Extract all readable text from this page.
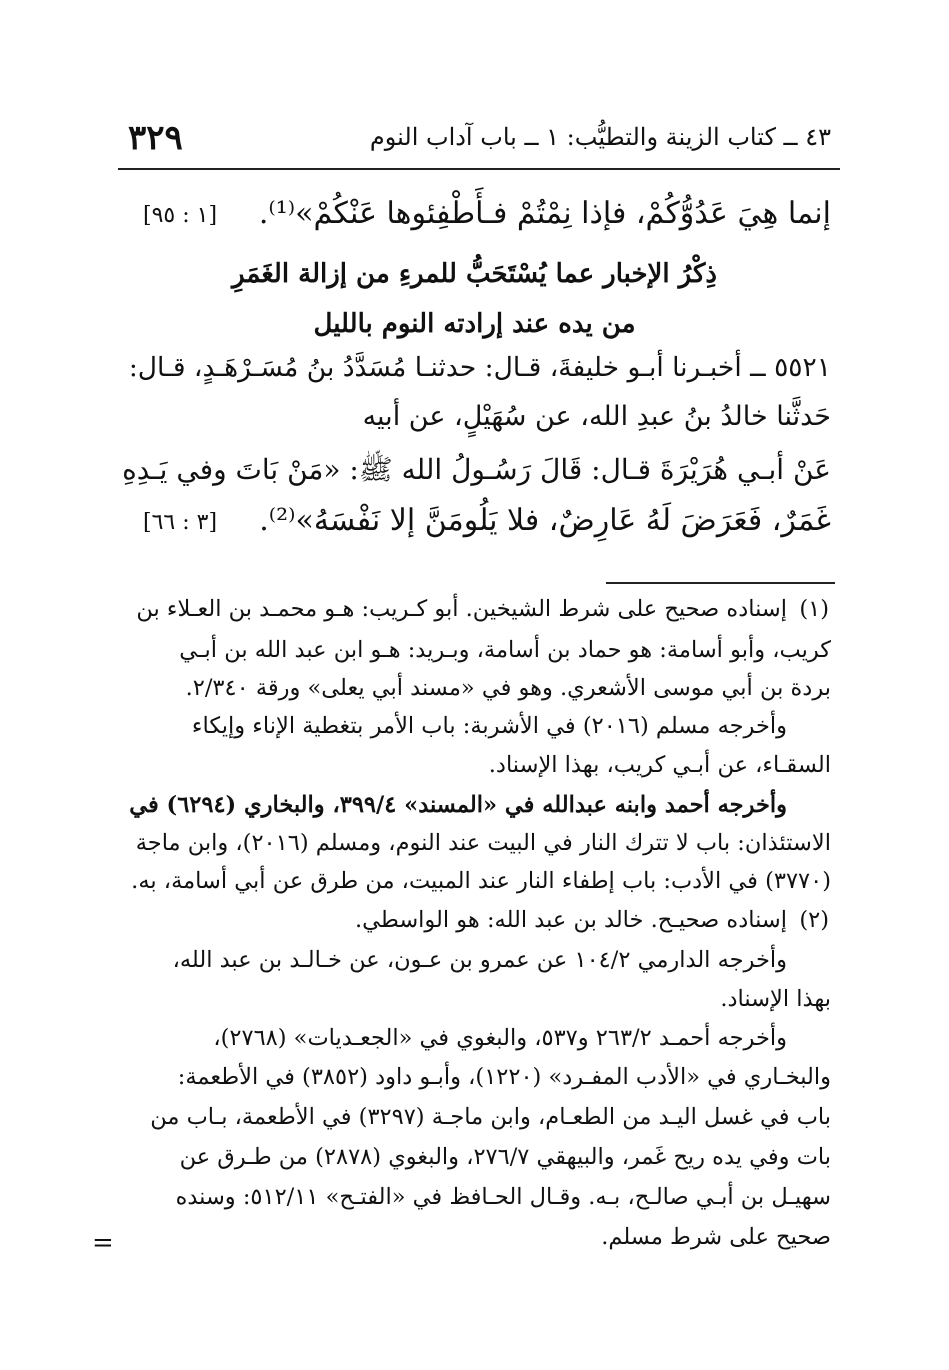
٣٢٩	٤٣ ــ كتاب الزينة والتطيُّب: ١ ــ باب آداب النوم
إنما هِيَ عَدُوُّكُمْ، فإذا نِمْتُمْ فـأَطْفِئوها عَنْكُمْ»⁽¹⁾.
[١ : ٩٥]
ذِكْرُ الإخبار عما يُسْتَحَبُّ للمرءِ من إزالة الغَمَرِ
من يده عند إرادته النوم بالليل
٥٥٢١ ــ أخبـرنا أبـو خليفةَ، قـال: حدثنـا مُسَدَّدُ بنُ مُسَـرْهَـدٍ، قـال:
حَدثَّنا خالدُ بنُ عبدِ الله، عن سُهَيْلٍ، عن أبيه
عَنْ أبـي هُرَيْرَةَ قـال: قَالَ رَسُـولُ الله ﷺ: «مَنْ بَاتَ وفي يَـدِهِ
غَمَرٌ، فَعَرَضَ لَهُ عَارِضٌ، فلا يَلُومَنَّ إلا نَفْسَهُ»⁽²⁾.
[٣ : ٦٦]
(١)
إسناده صحيح على شرط الشيخين. أبو كـريب: هـو محمـد بن العـلاء بن
كريب، وأبو أسامة: هو حماد بن أسامة، وبـريد: هـو ابن عبد الله بن أبـي
بردة بن أبي موسى الأشعري. وهو في «مسند أبي يعلى» ورقة ٢/٣٤٠.
وأخرجه مسلم (٢٠١٦) في الأشربة: باب الأمر بتغطية الإناء وإيكاء
السقـاء، عن أبـي كريب، بهذا الإسناد.
وأخرجه أحمد وابنه عبدالله في «المسند» ٣٩٩/٤، والبخاري (٦٢٩٤) في
الاستئذان: باب لا تترك النار في البيت عند النوم، ومسلم (٢٠١٦)، وابن ماجة
(٣٧٧٠) في الأدب: باب إطفاء النار عند المبيت، من طرق عن أبي أسامة، به.
(٢)
إسناده صحيـح. خالد بن عبد الله: هو الواسطي.
وأخرجه الدارمي ١٠٤/٢ عن عمرو بن عـون، عن خـالـد بن عبد الله،
بهذا الإسناد.
وأخرجه أحمـد ٢٦٣/٢ و٥٣٧، والبغوي في «الجعـديات» (٢٧٦٨)،
والبخـاري في «الأدب المفـرد» (١٢٢٠)، وأبـو داود (٣٨٥٢) في الأطعمة:
باب في غسل اليـد من الطعـام، وابن ماجـة (٣٢٩٧) في الأطعمة، بـاب من
بات وفي يده ريح غَمر، والبيهقي ٢٧٦/٧، والبغوي (٢٨٧٨) من طـرق عن
سهيـل بن أبـي صالـح، بـه. وقـال الحـافظ في «الفتـح» ٥١٢/١١: وسنده
صحيح على شرط مسلم.
=
